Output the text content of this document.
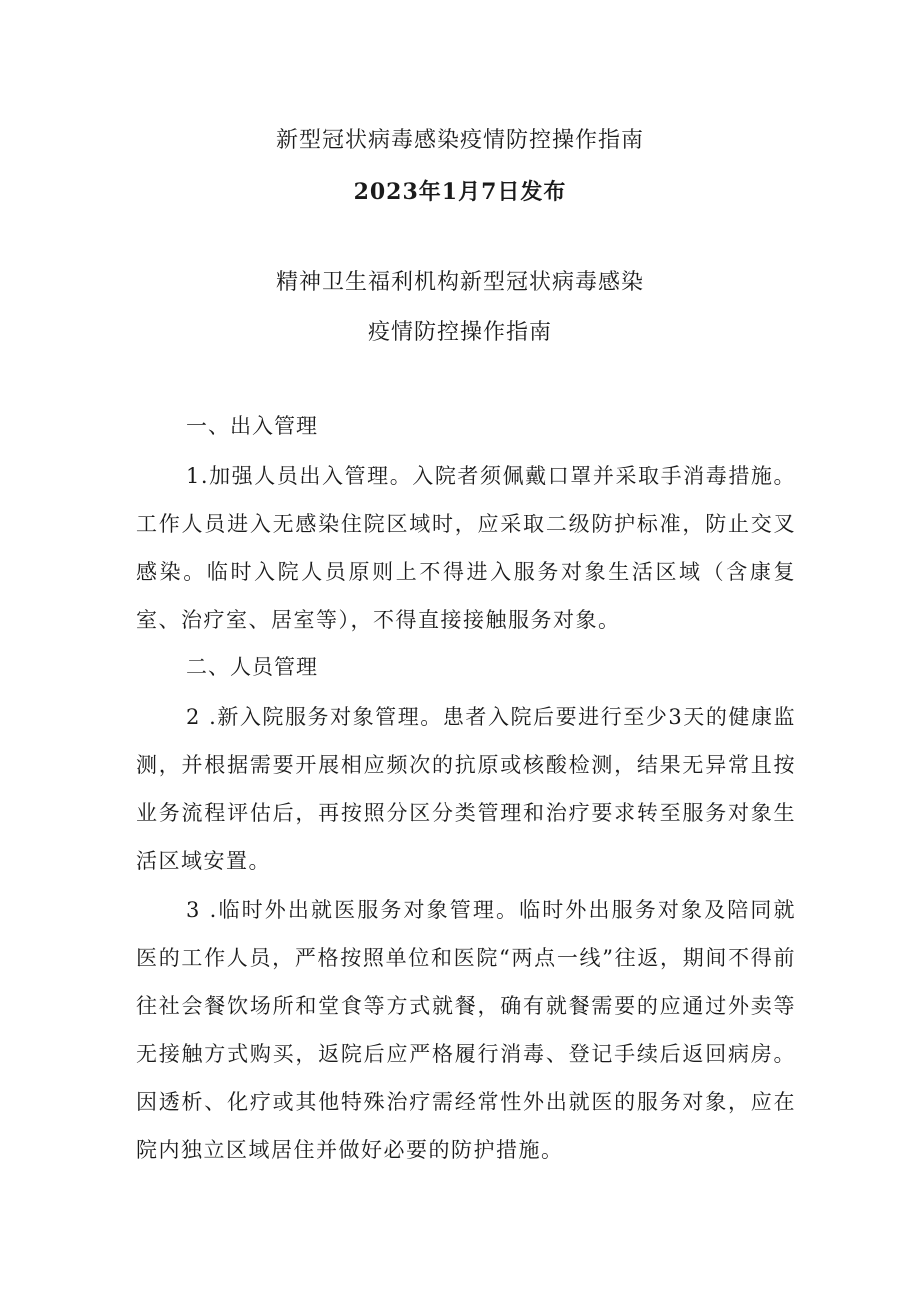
新型冠状病毒感染疫情防控操作指南
2023年1月7日发布
精神卫生福利机构新型冠状病毒感染
疫情防控操作指南
一、出入管理

1.加强人员出入管理。入院者须佩戴口罩并采取手消毒措施。工作人员进入无感染住院区域时，应采取二级防护标准，防止交叉感染。临时入院人员原则上不得进入服务对象生活区域（含康复室、治疗室、居室等），不得直接接触服务对象。

二、人员管理

2 .新入院服务对象管理。患者入院后要进行至少3天的健康监测，并根据需要开展相应频次的抗原或核酸检测，结果无异常且按业务流程评估后，再按照分区分类管理和治疗要求转至服务对象生活区域安置。

3 .临时外出就医服务对象管理。临时外出服务对象及陪同就医的工作人员，严格按照单位和医院“两点一线”往返，期间不得前往社会餐饮场所和堂食等方式就餐，确有就餐需要的应通过外卖等无接触方式购买，返院后应严格履行消毒、登记手续后返回病房。因透析、化疗或其他特殊治疗需经常性外出就医的服务对象，应在院内独立区域居住并做好必要的防护措施。
